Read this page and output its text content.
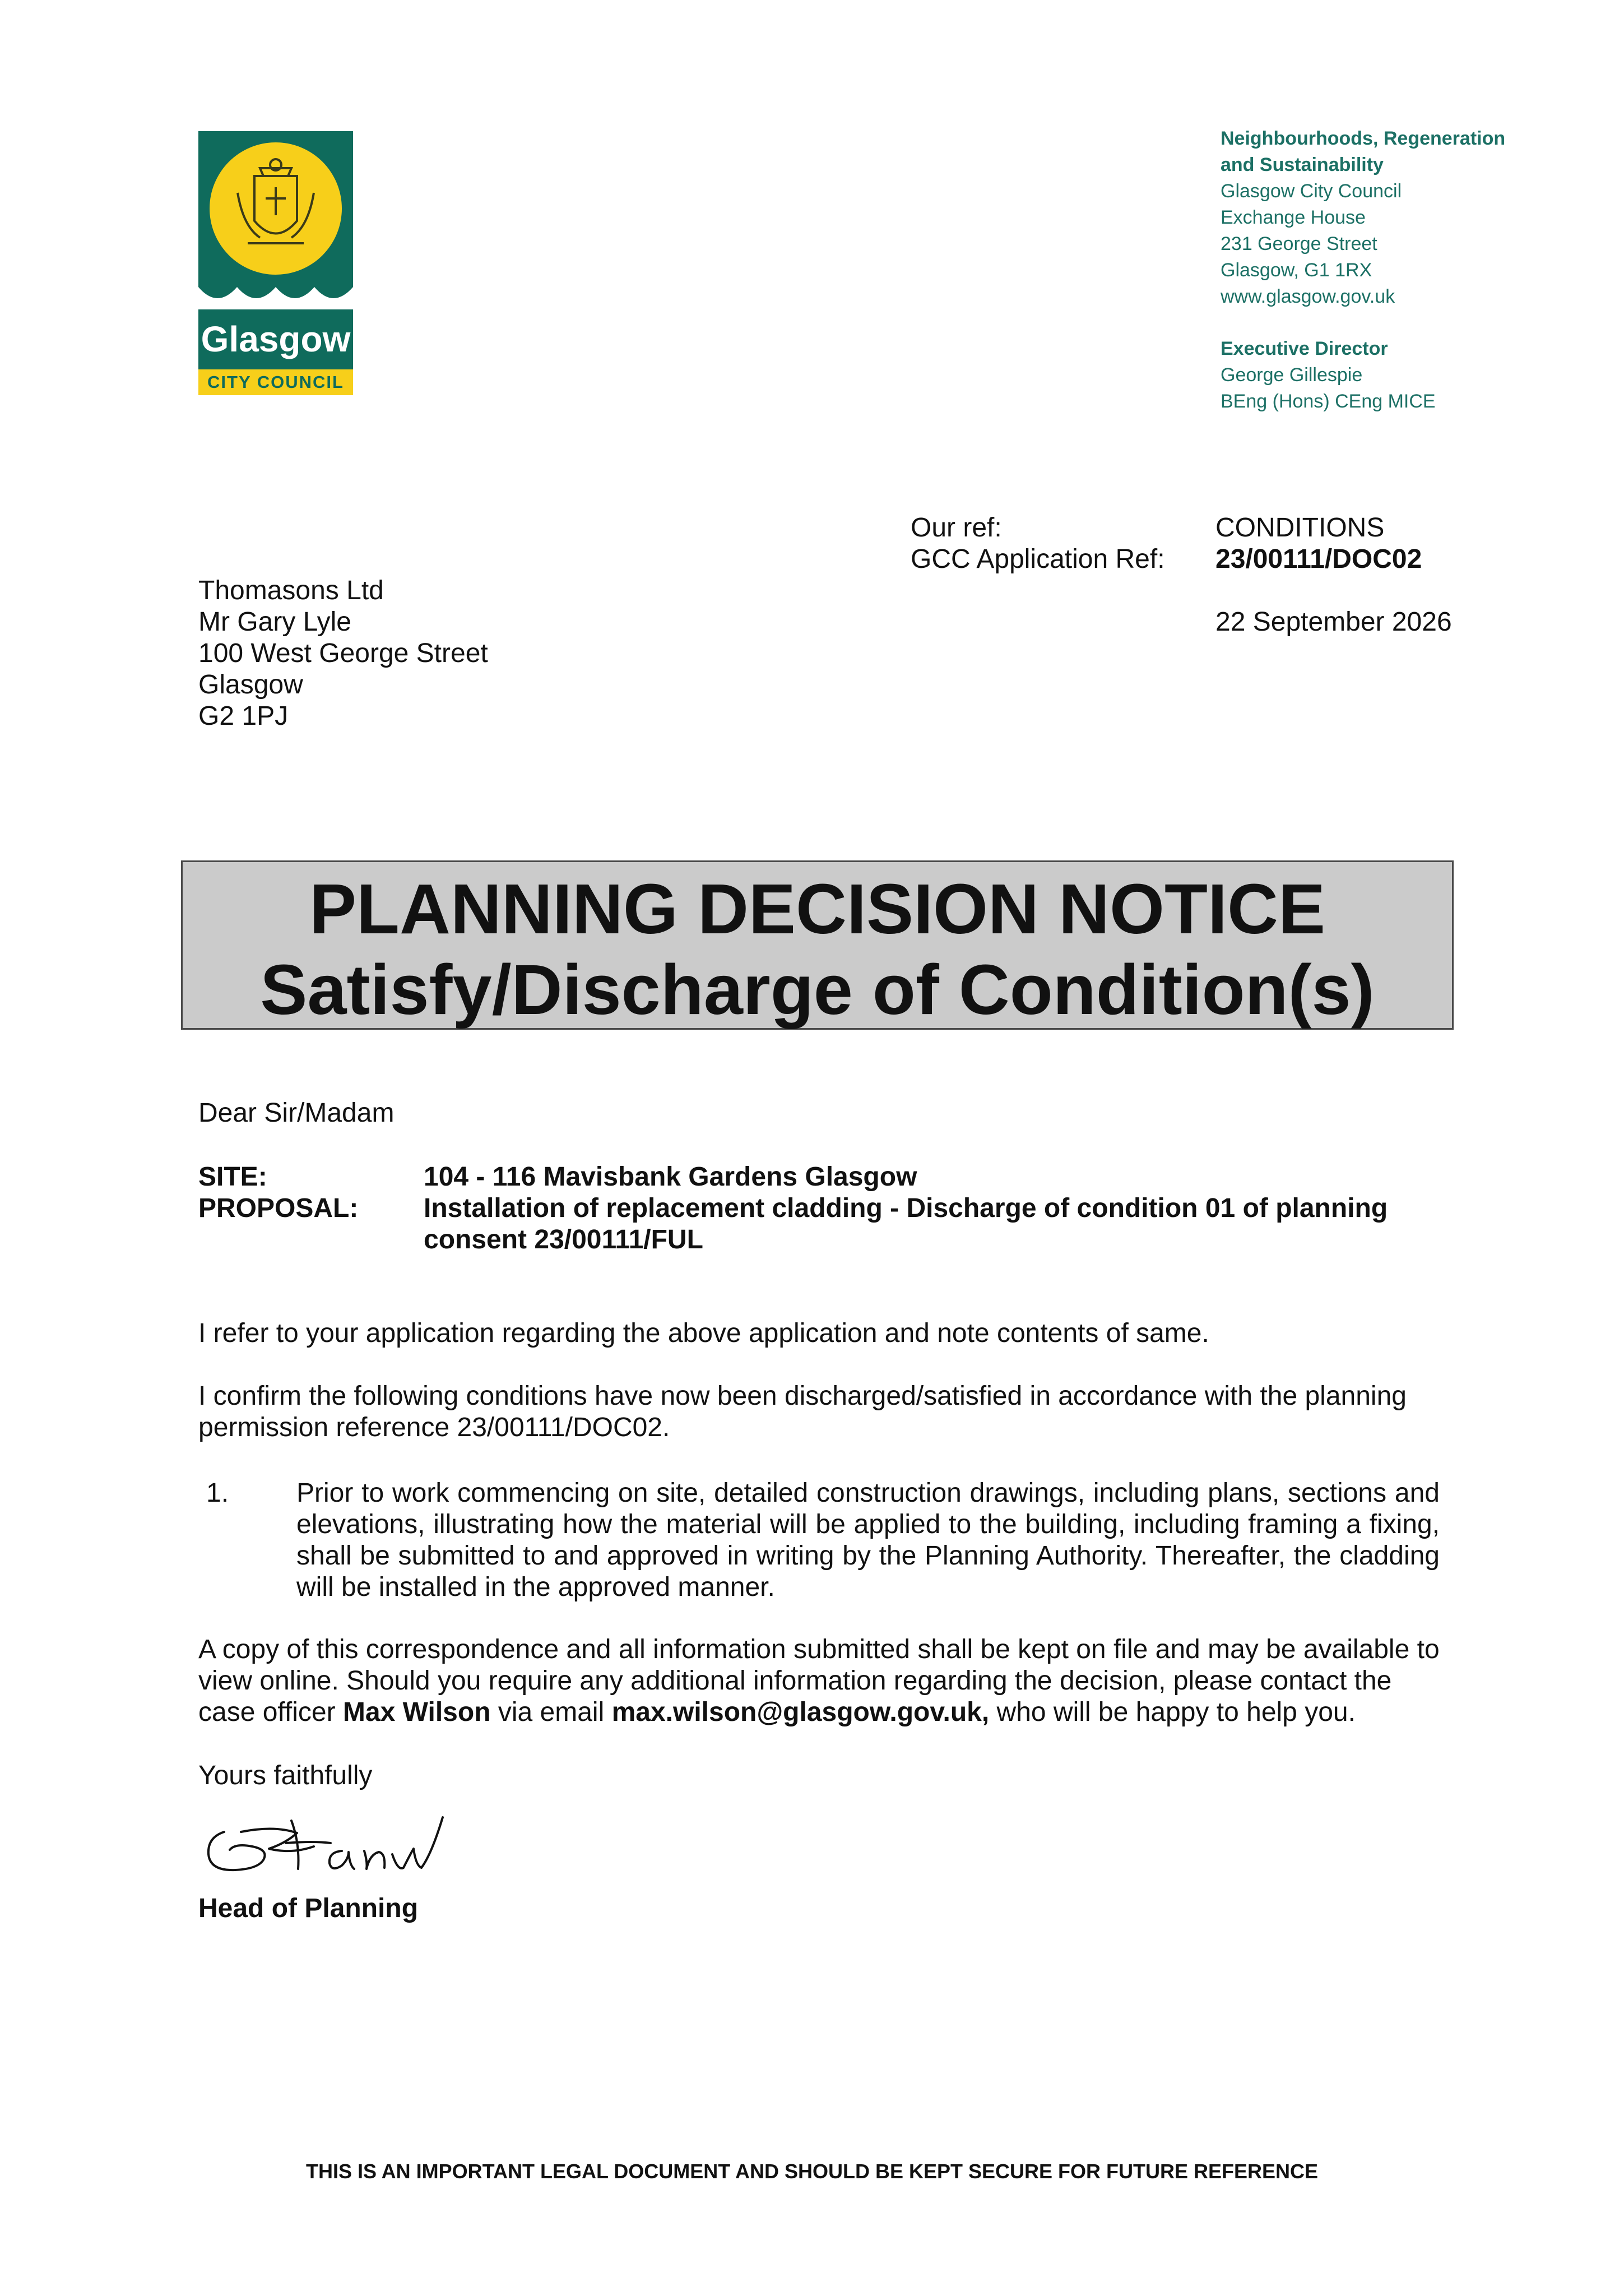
Glasgow
CITY COUNCIL
Neighbourhoods, Regeneration
and Sustainability
Glasgow City Council
Exchange House
231 George Street
Glasgow, G1 1RX
www.glasgow.gov.uk
Executive Director
George Gillespie
BEng (Hons) CEng MICE
Our ref:
GCC Application Ref:
CONDITIONS
23/00111/DOC02
22 September 2026
Thomasons Ltd
Mr Gary Lyle
100 West George Street
Glasgow
G2 1PJ
PLANNING DECISION NOTICE
Satisfy/Discharge of Condition(s)
Dear Sir/Madam
SITE:
PROPOSAL:
104 - 116 Mavisbank Gardens Glasgow
Installation of replacement cladding - Discharge of condition 01 of planning
consent 23/00111/FUL
I refer to your application regarding the above application and note contents of same.
I confirm the following conditions have now been discharged/satisfied in accordance with the planning permission reference 23/00111/DOC02.
1.	Prior to work commencing on site, detailed construction drawings, including plans, sections and elevations, illustrating how the material will be applied to the building, including framing a fixing, shall be submitted to and approved in writing by the Planning Authority. Thereafter, the cladding will be installed in the approved manner.
A copy of this correspondence and all information submitted shall be kept on file and may be available to view online. Should you require any additional information regarding the decision, please contact the case officer Max Wilson via email max.wilson@glasgow.gov.uk, who will be happy to help you.
Yours faithfully
Head of Planning
THIS IS AN IMPORTANT LEGAL DOCUMENT AND SHOULD BE KEPT SECURE FOR FUTURE REFERENCE
